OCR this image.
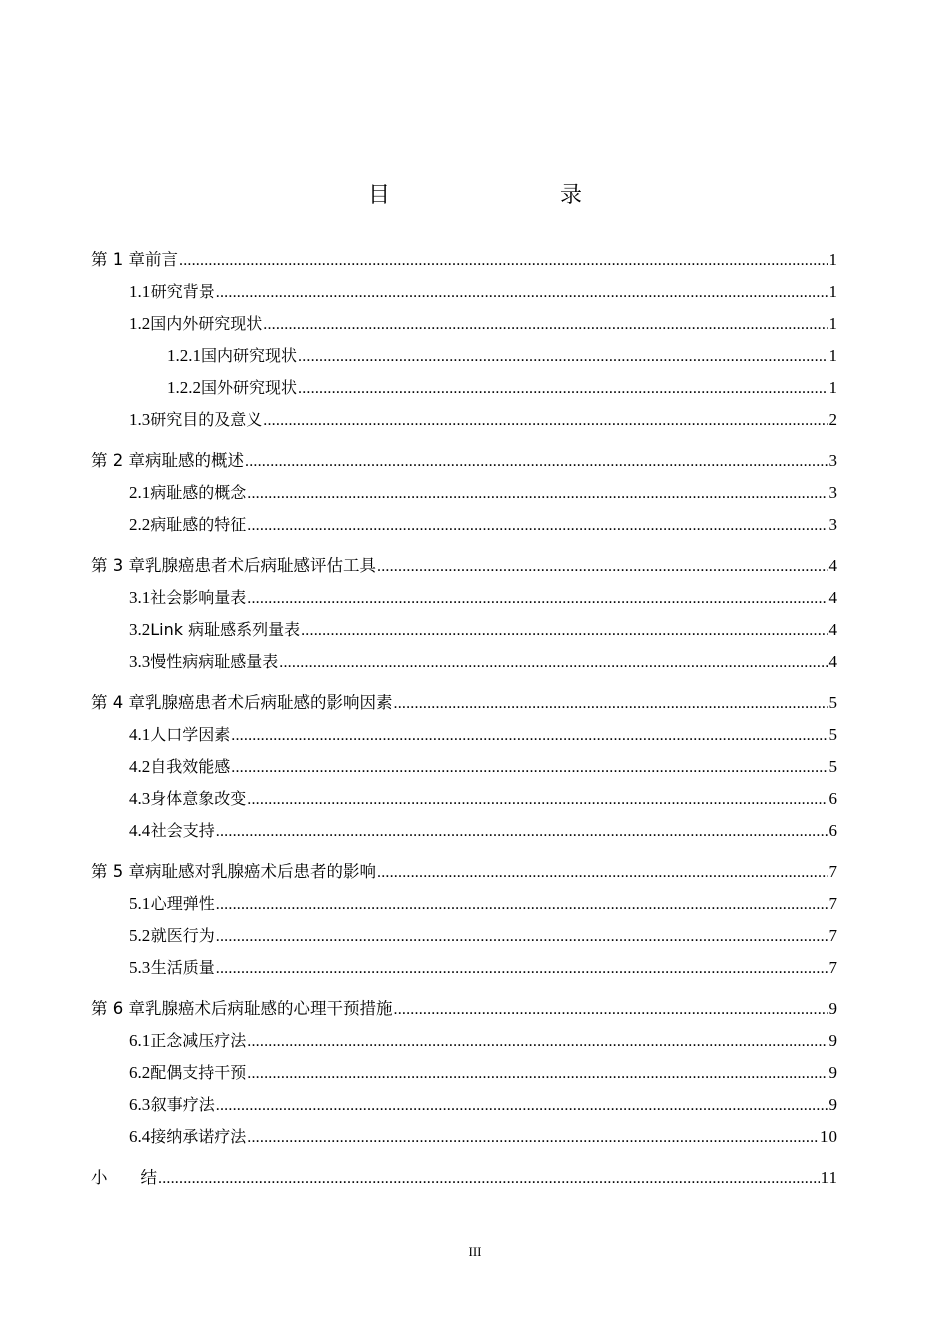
目　　录
第 1 章 前言 .....	1
1.1 研究背景 .....	1
1.2 国内外研究现状 .....	1
1.2.1 国内研究现状 .....	1
1.2.2 国外研究现状 .....	1
1.3 研究目的及意义 .....	2
第 2 章 病耻感的概述 .....	3
2.1 病耻感的概念 .....	3
2.2 病耻感的特征 .....	3
第 3 章 乳腺癌患者术后病耻感评估工具 .....	4
3.1 社会影响量表 .....	4
3.2 Link 病耻感系列量表 .....	4
3.3 慢性病病耻感量表 .....	4
第 4 章 乳腺癌患者术后病耻感的影响因素 .....	5
4.1 人口学因素 .....	5
4.2 自我效能感 .....	5
4.3 身体意象改变 .....	6
4.4 社会支持 .....	6
第 5 章 病耻感对乳腺癌术后患者的影响 .....	7
5.1 心理弹性 .....	7
5.2 就医行为 .....	7
5.3 生活质量 .....	7
第 6 章 乳腺癌术后病耻感的心理干预措施 .....	9
6.1 正念减压疗法 .....	9
6.2 配偶支持干预 .....	9
6.3 叙事疗法 .....	9
6.4 接纳承诺疗法 .....	10
小　　结 .....	11
III
